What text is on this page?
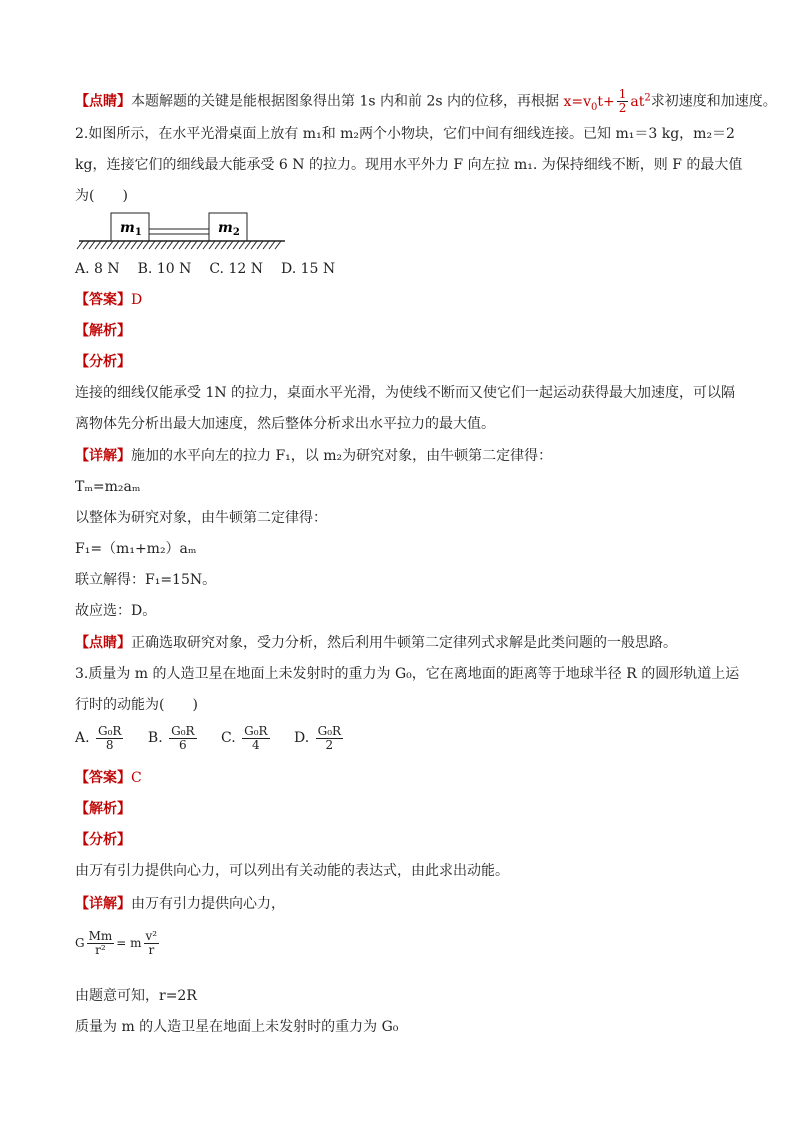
【点睛】本题解题的关键是能根据图象得出第 1s 内和前 2s 内的位移，再根据 $x=v_0t+ \frac{1}{2} at^2$求初速度和加速度。
2.如图所示，在水平光滑桌面上放有 m₁和 m₂两个小物块，它们中间有细线连接。已知 m₁＝3 kg，m₂＝2
kg，连接它们的细线最大能承受 6 N 的拉力。现用水平外力 F 向左拉 m₁. 为保持细线不断，则 F 的最大值
为(　　)
$m_1$	$m_2$
A. 8 N B. 10 N C. 12 N D. 15 N
【答案】D
【解析】
【分析】
连接的细线仅能承受 1N 的拉力，桌面水平光滑，为使线不断而又使它们一起运动获得最大加速度，可以隔
离物体先分析出最大加速度，然后整体分析求出水平拉力的最大值。
【详解】施加的水平向左的拉力 F₁，以 m₂为研究对象，由牛顿第二定律得：
Tₘ=m₂aₘ
以整体为研究对象，由牛顿第二定律得：
F₁=（m₁+m₂）aₘ
联立解得：F₁=15N。
故应选：D。
【点睛】正确选取研究对象，受力分析，然后利用牛顿第二定律列式求解是此类问题的一般思路。
3.质量为 m 的人造卫星在地面上未发射时的重力为 G₀，它在离地面的距离等于地球半径 R 的圆形轨道上运
行时的动能为(　　)
A. $\frac{\text{G₀R}}{8} B$. $\frac{\text{G₀R}}{6} C$. $\frac{\text{G₀R}}{4} D$. $\frac{\text{G₀R}}{2}$
【答案】C
【解析】
【分析】
由万有引力提供向心力，可以列出有关动能的表达式，由此求出动能。
【详解】由万有引力提供向心力，
G $\frac{Mm}{\text{r²}} = m \frac{\text{v²}}{r}$
由题意可知，r=2R
质量为 m 的人造卫星在地面上未发射时的重力为 G₀
